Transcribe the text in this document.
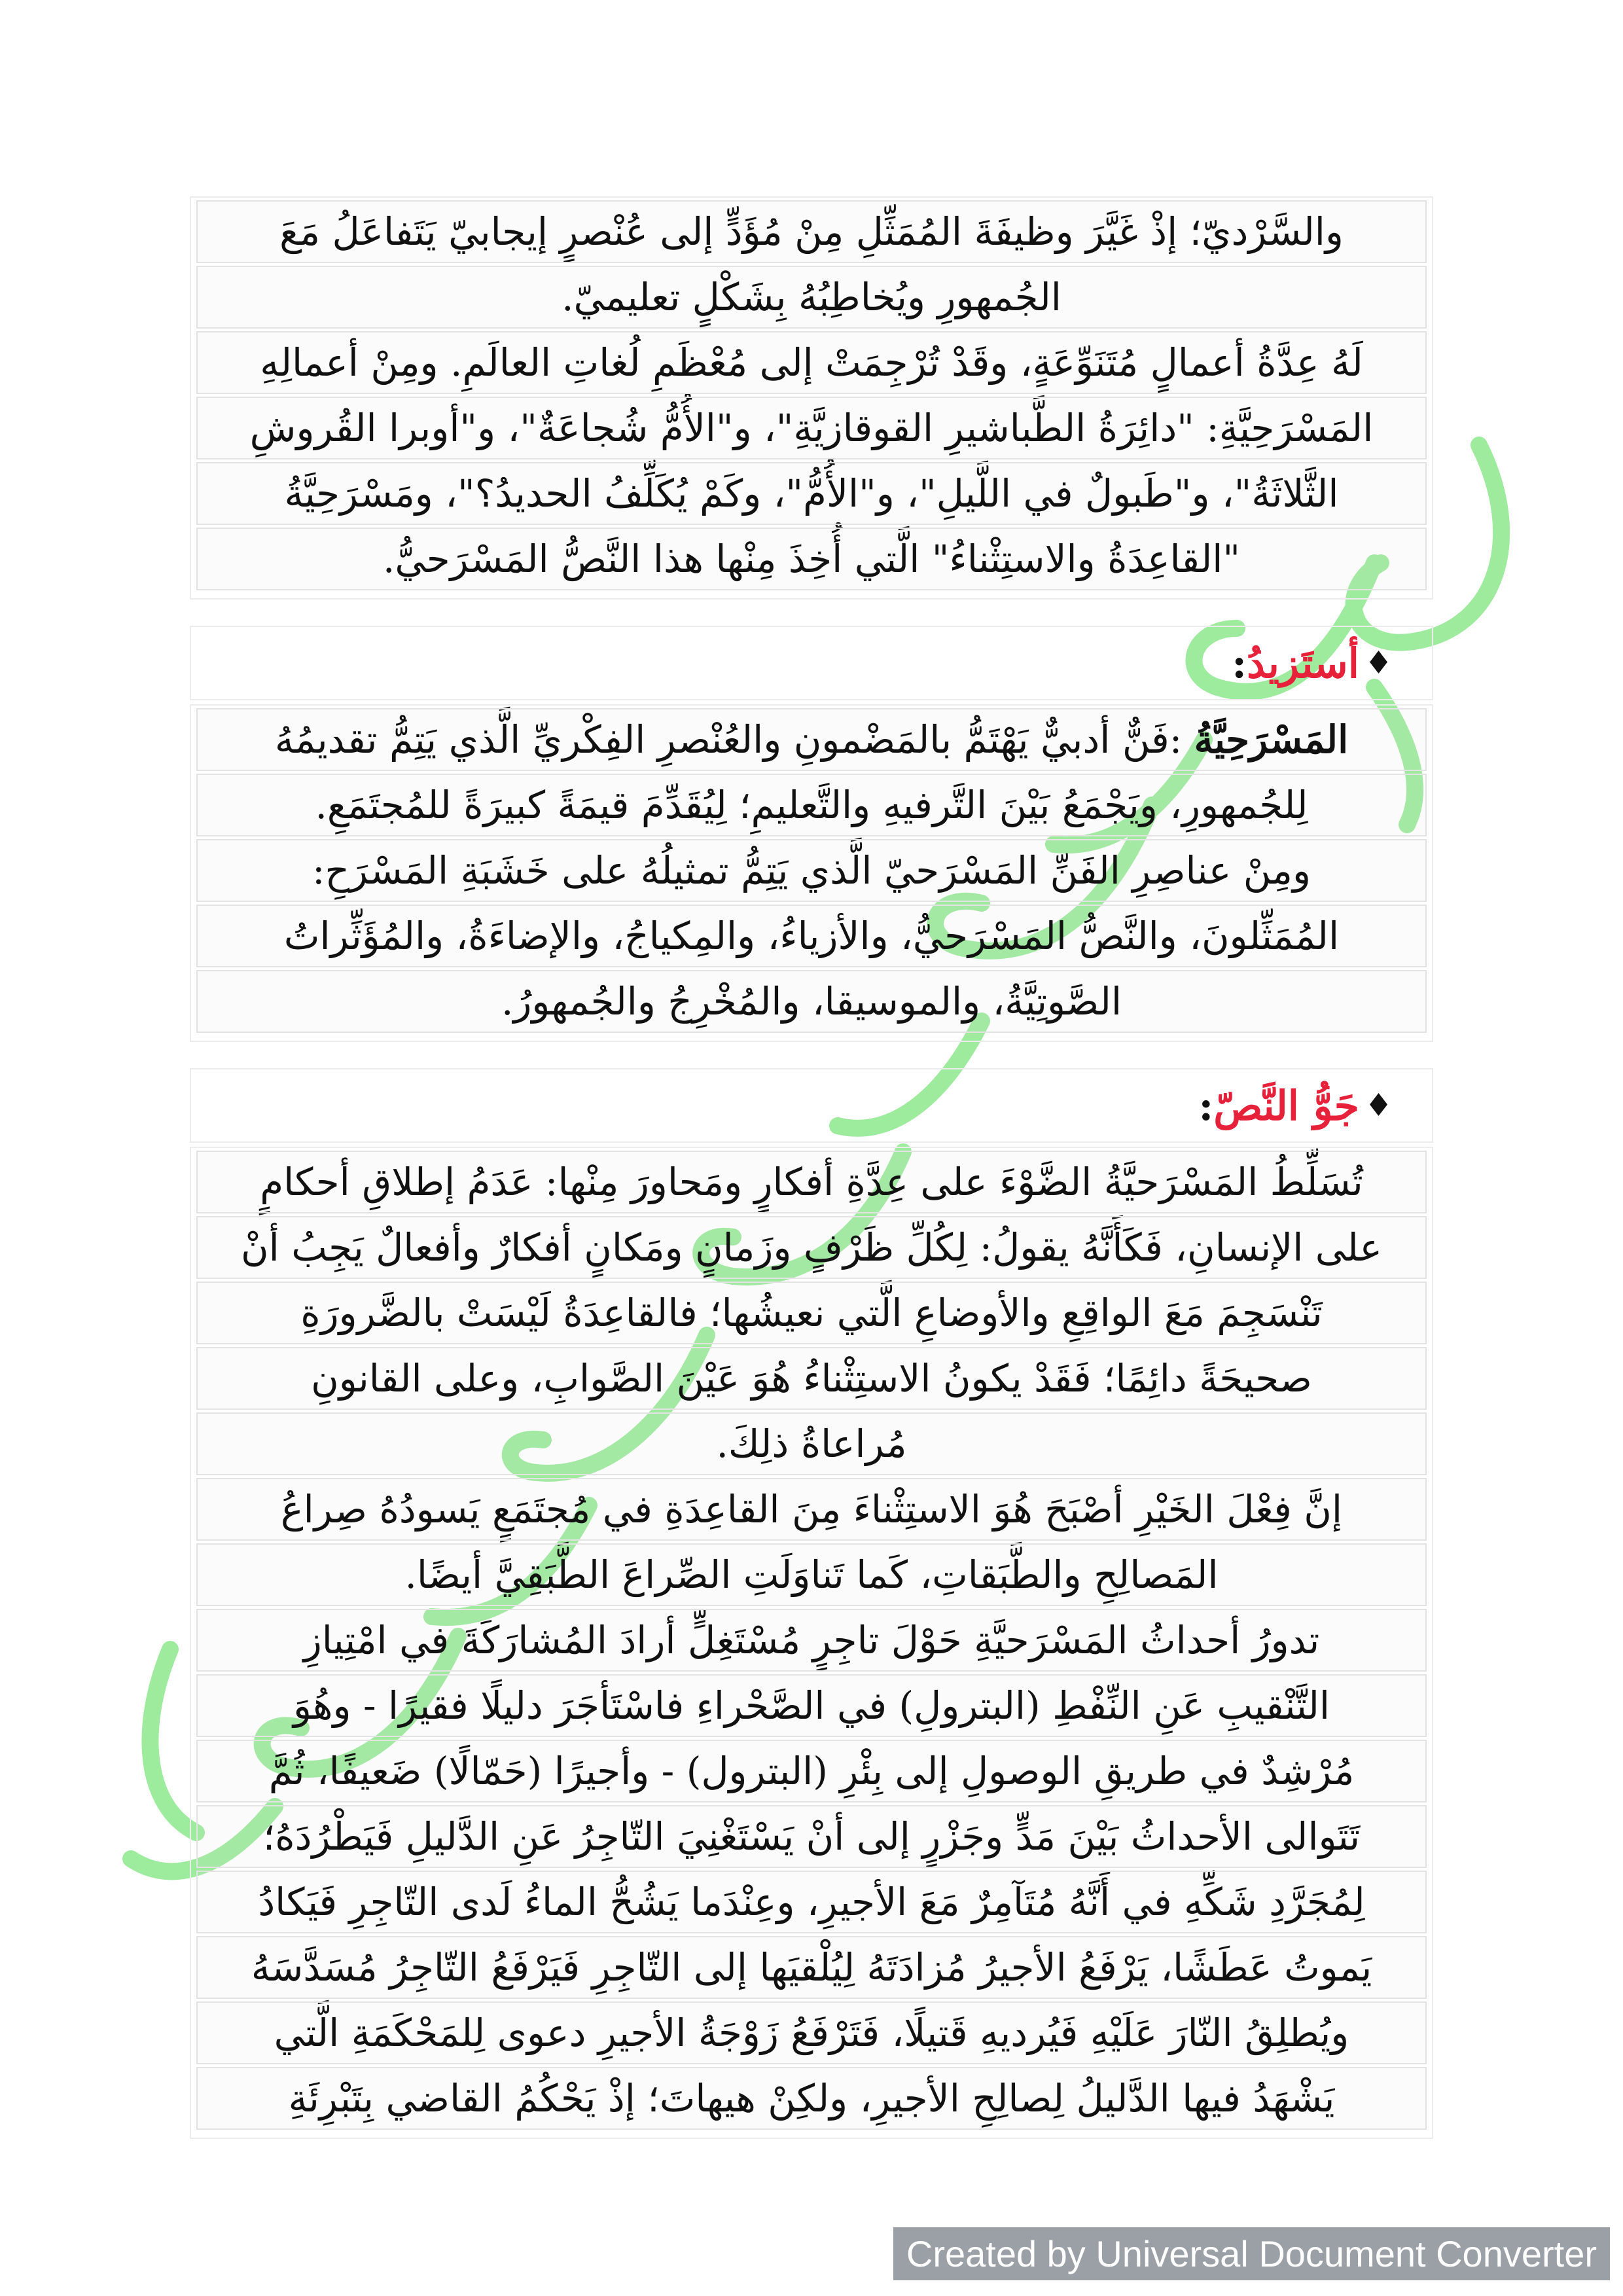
والسَّرْديّ؛ إذْ غَيَّرَ وظيفَةَ المُمَثِّلِ مِنْ مُؤَدٍّ إلى عُنْصرٍ إيجابيّ يَتَفاعَلُ مَعَ
الجُمهورِ ويُخاطِبُهُ بِشَكْلٍ تعليميّ.
لَهُ عِدَّةُ أعمالٍ مُتَنَوِّعَةٍ، وقَدْ تُرْجِمَتْ إلى مُعْظَمِ لُغاتِ العالَمِ. ومِنْ أعمالِهِ
المَسْرَحِيَّةِ: "دائِرَةُ الطَّباشيرِ القوقازيَّةِ"، و"الأُمُّ شُجاعَةٌ"، و"أوبرا القُروشِ
الثَّلاثَةُ"، و"طَبولٌ في اللَّيلِ"، و"الأُمُّ"، وكَمْ يُكَلِّفُ الحديدُ؟"، ومَسْرَحِيَّةُ
"القاعِدَةُ والاستِثْناءُ" الَّتي أُخِذَ مِنْها هذا النَّصُّ المَسْرَحيُّ.
♦
أستَزيدُ
:
المَسْرَحِيَّةُ :فَنٌّ أدبيٌّ يَهْتَمُّ بالمَضْمونِ والعُنْصرِ الفِكْريِّ الَّذي يَتِمُّ تقديمُهُ
لِلجُمهورِ، ويَجْمَعُ بَيْنَ التَّرفيهِ والتَّعليمِ؛ لِيُقَدِّمَ قيمَةً كبيرَةً للمُجتَمَعِ.
ومِنْ عناصِرِ الفَنِّ المَسْرَحيّ الَّذي يَتِمُّ تمثيلُهُ على خَشَبَةِ المَسْرَحِ:
المُمَثِّلونَ، والنَّصُّ المَسْرَحيُّ، والأزياءُ، والمِكياجُ، والإضاءَةُ، والمُؤَثِّراتُ
الصَّوتِيَّةُ، والموسيقا، والمُخْرِجُ والجُمهورُ.
♦
جَوُّ النَّصّ
:
تُسَلِّطُ المَسْرَحيَّةُ الضَّوْءَ على عِدَّةِ أفكارٍ ومَحاورَ مِنْها: عَدَمُ إطلاقِ أحكامٍ
على الإنسانِ، فَكَأَنَّهُ يقولُ: لِكُلِّ ظَرْفٍ وزَمانٍ ومَكانٍ أفكارٌ وأفعالٌ يَجِبُ أنْ
تَنْسَجِمَ مَعَ الواقِعِ والأوضاعِ الَّتي نعيشُها؛ فالقاعِدَةُ لَيْسَتْ بالضَّرورَةِ
صحيحَةً دائِمًا؛ فَقَدْ يكونُ الاستِثْناءُ هُوَ عَيْنَ الصَّوابِ، وعلى القانونِ
مُراعاةُ ذلِكَ.
إنَّ فِعْلَ الخَيْرِ أصْبَحَ هُوَ الاستِثْناءَ مِنَ القاعِدَةِ في مُجتَمَعٍ يَسودُهُ صِراعُ
المَصالِحِ والطَّبَقاتِ، كَما تَناوَلَتِ الصِّراعَ الطَّبَقِيَّ أيضًا.
تدورُ أحداثُ المَسْرَحيَّةِ حَوْلَ تاجِرٍ مُسْتَغِلٍّ أرادَ المُشارَكَةَ في امْتِيازِ
التَّنْقيبِ عَنِ النِّفْطِ (البترولِ) في الصَّحْراءِ فاسْتَأجَرَ دليلًا فقيرًا - وهُوَ
مُرْشِدٌ في طريقِ الوصولِ إلى بِئْرِ (البترول) - وأجيرًا (حَمّالًا) ضَعيفًا، ثُمَّ
تَتَوالى الأحداثُ بَيْنَ مَدٍّ وجَزْرٍ إلى أنْ يَسْتَغْنِيَ التّاجِرُ عَنِ الدَّليلِ فَيَطْرُدَهُ؛
لِمُجَرَّدِ شَكِّهِ في أَنَّهُ مُتَآمِرٌ مَعَ الأجيرِ، وعِنْدَما يَشُحُّ الماءُ لَدى التّاجِرِ فَيَكادُ
يَموتُ عَطَشًا، يَرْفَعُ الأجيرُ مُزادَتَهُ لِيُلْقيَها إلى التّاجِرِ فَيَرْفَعُ التّاجِرُ مُسَدَّسَهُ
ويُطلِقُ النّارَ عَلَيْهِ فَيُرديهِ قَتيلًا، فَتَرْفَعُ زَوْجَةُ الأجيرِ دعوى لِلمَحْكَمَةِ الَّتي
يَشْهَدُ فيها الدَّليلُ لِصالِحِ الأجيرِ، ولكِنْ هيهاتَ؛ إذْ يَحْكُمُ القاضي بِتَبْرِئَةِ
Created by Universal Document Converter
